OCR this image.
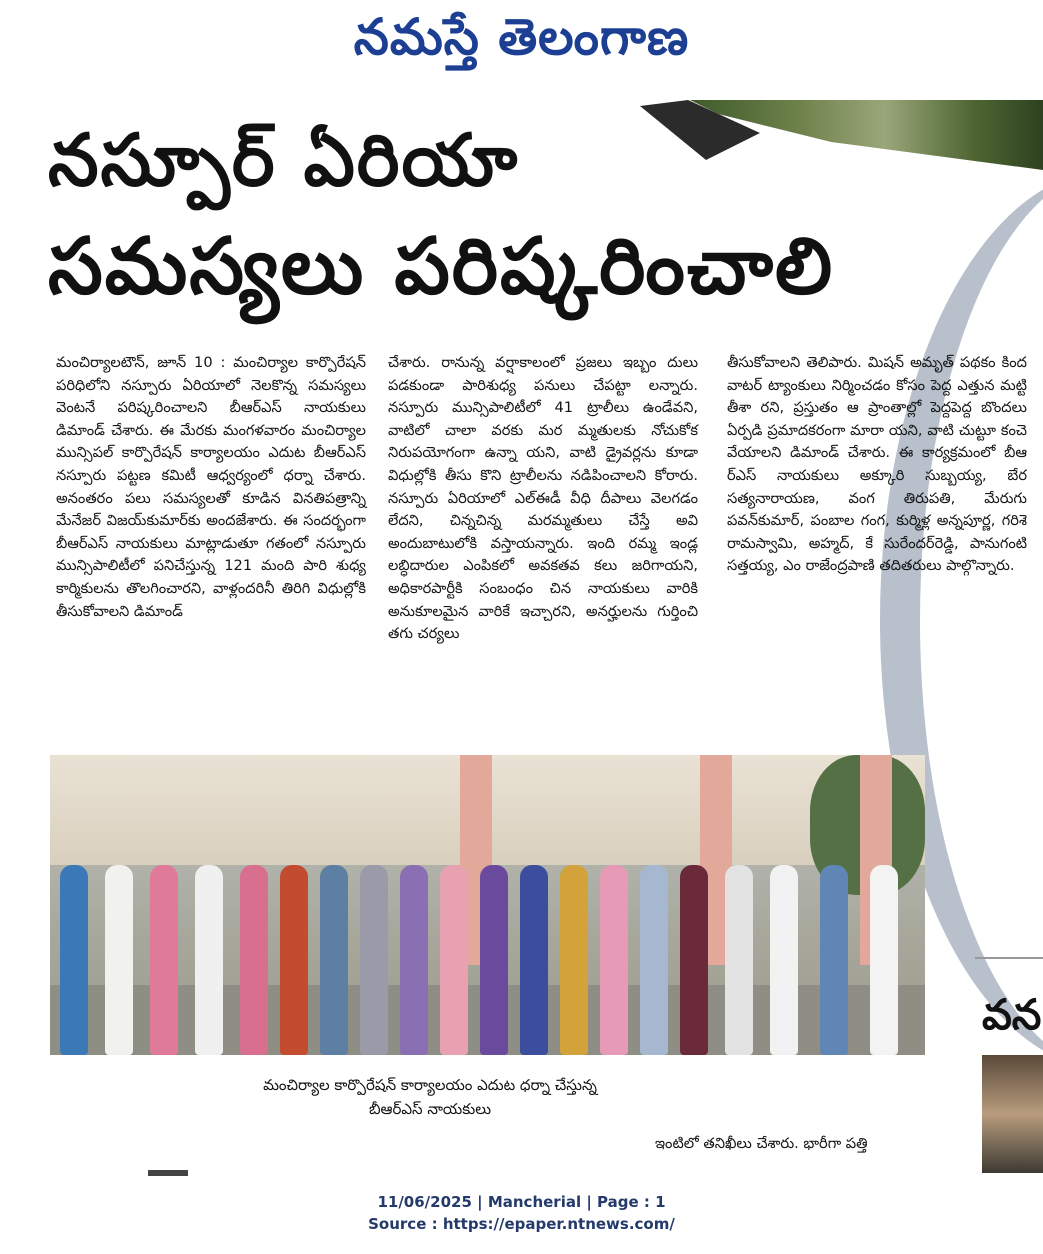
నమస్తే తెలంగాణ
నస్పూర్ ఏరియా
సమస్యలు పరిష్కరించాలి
మంచిర్యాలటౌన్, జూన్ 10 : మంచిర్యాల కార్పొరేషన్ పరిధిలోని నస్పూరు ఏరియాలో నెలకొన్న సమస్యలు వెంటనే పరిష్కరించాలని బీఆర్ఎస్ నాయకులు డిమాండ్ చేశారు. ఈ మేరకు మంగళవారం మంచిర్యాల మున్సిపల్ కార్పొరేషన్ కార్యాలయం ఎదుట బీఆర్ఎస్ నస్పూరు పట్టణ కమిటీ ఆధ్వర్యంలో ధర్నా చేశారు. అనంతరం పలు సమస్యలతో కూడిన వినతిపత్రాన్ని మేనేజర్ విజయ్‌కుమార్‌కు అందజేశారు. ఈ సందర్భంగా బీఆర్ఎస్ నాయకులు మాట్లాడుతూ గతంలో నస్పూరు మున్సిపాలిటీలో పనిచేస్తున్న 121 మంది పారి శుధ్య కార్మికులను తొలగించారని, వాళ్లందరినీ తిరిగి విధుల్లోకి తీసుకోవాలని డిమాండ్
చేశారు. రానున్న వర్షాకాలంలో ప్రజలు ఇబ్బం దులు పడకుండా పారిశుధ్య పనులు చేపట్టా లన్నారు. నస్పూరు మున్సిపాలిటీలో 41 ట్రాలీలు ఉండేవని, వాటిలో చాలా వరకు మర మ్మతులకు నోచుకోక నిరుపయోగంగా ఉన్నా యని, వాటి డ్రైవర్లను కూడా విధుల్లోకి తీసు కొని ట్రాలీలను నడిపించాలని కోరారు. నస్పూరు ఏరియాలో ఎల్‌ఈడీ వీధి దీపాలు వెలగడం లేదని, చిన్నచిన్న మరమ్మతులు చేస్తే అవి అందుబాటులోకి వస్తాయన్నారు. ఇంది రమ్మ ఇండ్ల లబ్ధిదారుల ఎంపికలో అవకతవ కలు జరిగాయని, అధికారపార్టీకి సంబంధం చిన నాయకులు వారికి అనుకూలమైన వారికే ఇచ్చారని, అనర్హులను గుర్తించి తగు చర్యలు
తీసుకోవాలని తెలిపారు. మిషన్ అమృత్ పథకం కింద వాటర్ ట్యాంకులు నిర్మించడం కోసం పెద్ద ఎత్తున మట్టి తీశా రని, ప్రస్తుతం ఆ ప్రాంతాల్లో పెద్దపెద్ద బొందలు ఏర్పడి ప్రమాదకరంగా మారా యని, వాటి చుట్టూ కంచె వేయాలని డిమాండ్ చేశారు. ఈ కార్యక్రమంలో బీఆ ర్ఎస్ నాయకులు అక్కూరి సుబ్బయ్య, బేర సత్యనారాయణ, వంగ తిరుపతి, మేరుగు పవన్‌కుమార్, పంబాల గంగ, కుర్మిళ్ల అన్నపూర్ణ, గరిశె రామస్వామి, అహ్మద్, కే సురేందర్‌రెడ్డి, పానుగంటి సత్తయ్య, ఎం రాజేంద్రపాణి తదితరులు పాల్గొన్నారు.
మంచిర్యాల కార్పొరేషన్ కార్యాలయం ఎదుట ధర్నా చేస్తున్న
బీఆర్ఎస్ నాయకులు
ఇంటిలో తనిఖీలు చేశారు. భారీగా పత్తి
వన
11/06/2025 | Mancherial | Page : 1
Source : https://epaper.ntnews.com/
